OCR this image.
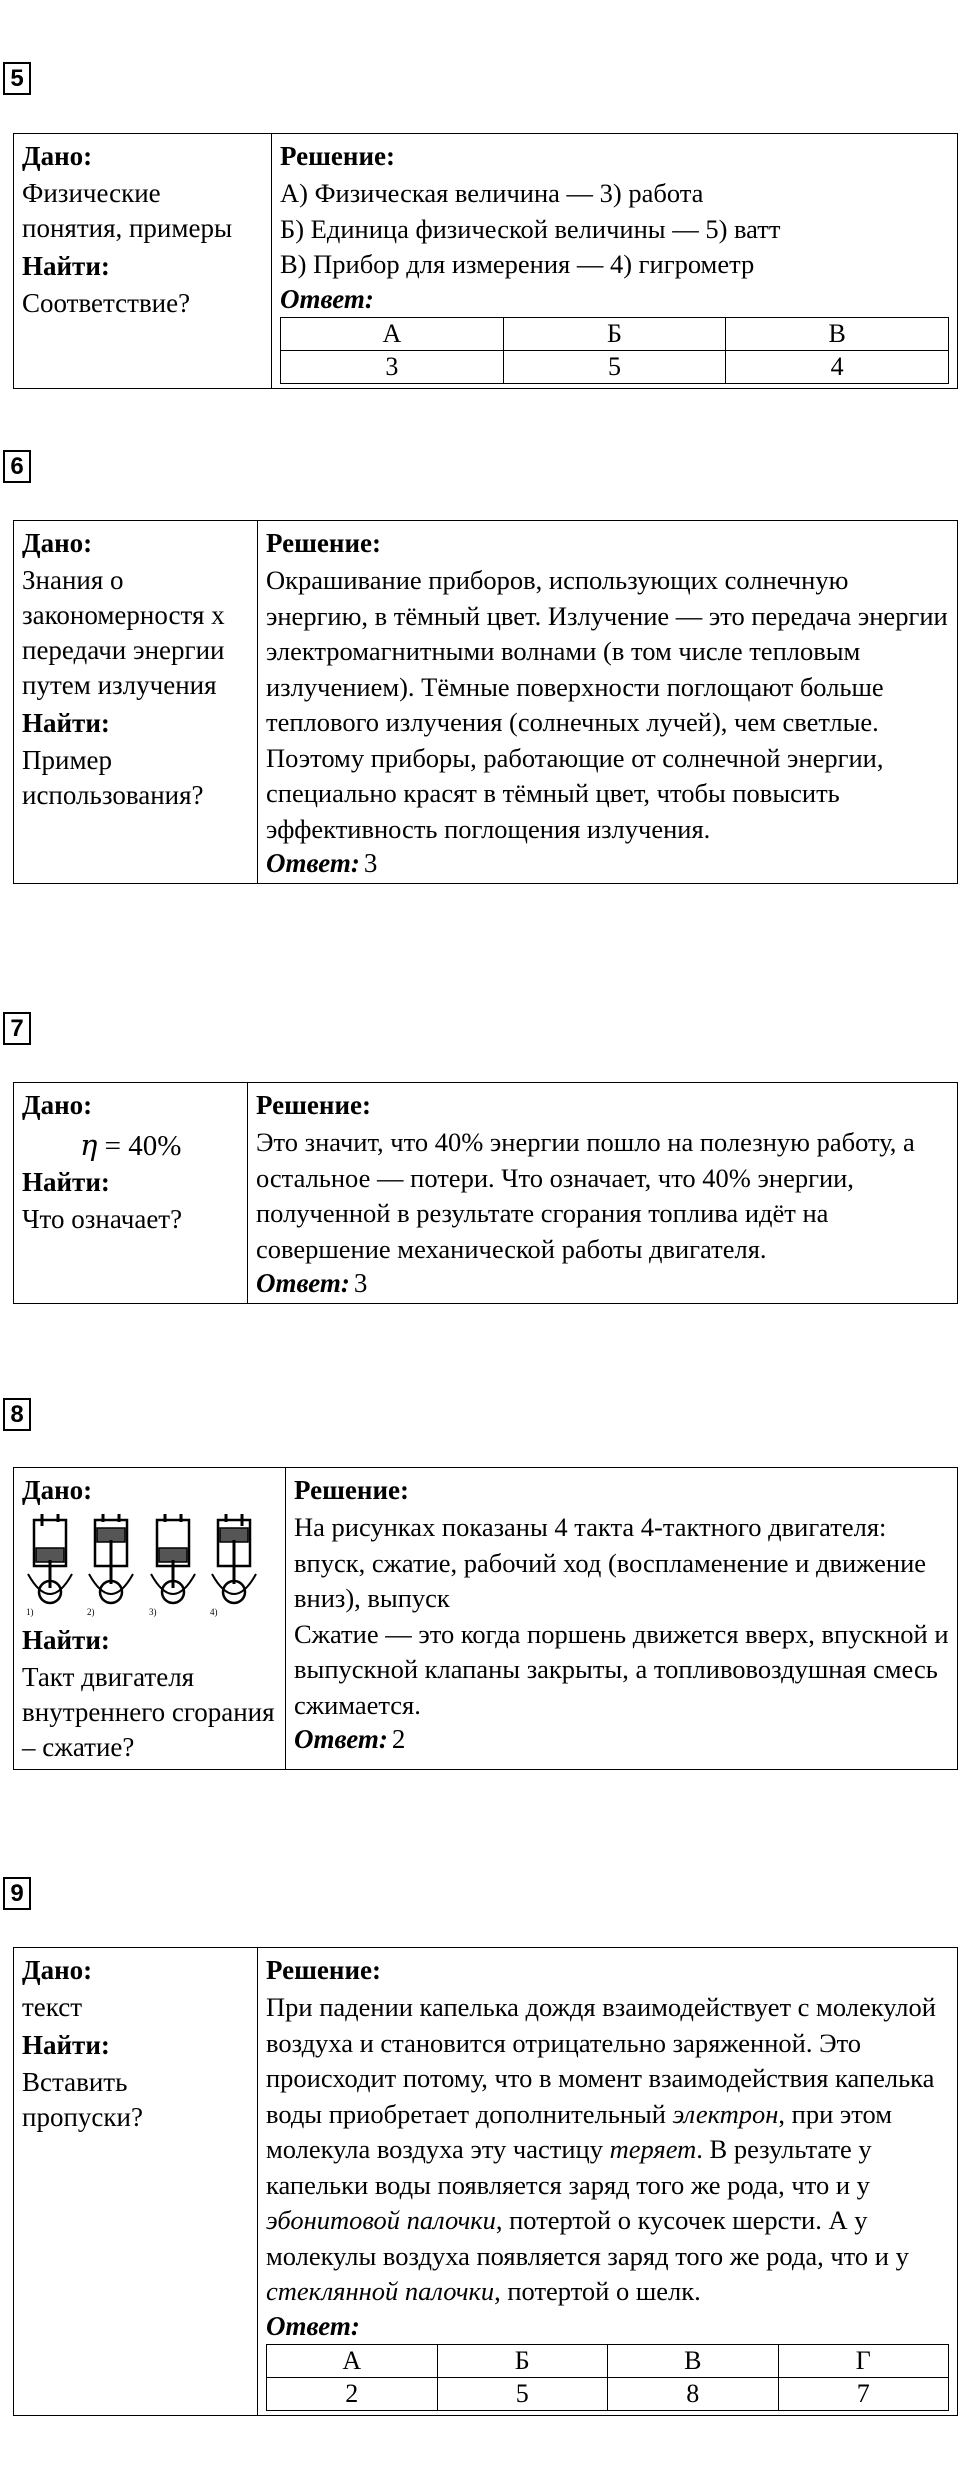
5
Дано:
Физические понятия, примеры
Найти:
Соответствие?

Решение:

А) Физическая величина — 3) работа

Б) Единица физической величины — 5) ватт

В) Прибор для измерения — 4) гигрометр

Ответ:
А	Б	В
3	5	4
6
Дано:
Знания о закономерностя х передачи энергии путем излучения
Найти:
Пример использования?

Решение:
Окрашивание приборов, использующих солнечную энергию, в тёмный цвет. Излучение — это передача энергии электромагнитными волнами (в том числе тепловым излучением). Тёмные поверхности поглощают больше теплового излучения (солнечных лучей), чем светлые. Поэтому приборы, работающие от солнечной энергии, специально красят в тёмный цвет, чтобы повысить эффективность поглощения излучения.
Ответ: 3
7
Дано:
η = 40%
Найти:
Что означает?

Решение:
Это значит, что 40% энергии пошло на полезную работу, а остальное — потери. Что означает, что 40% энергии, полученной в результате сгорания топлива идёт на совершение механической работы двигателя.
Ответ: 3
8
Дано:
1)	2)	3)	4)
Найти:
Такт двигателя внутреннего сгорания – сжатие?

Решение:

На рисунках показаны 4 такта 4-тактного двигателя: впуск, сжатие, рабочий ход (воспламенение и движение вниз), выпуск

Сжатие — это когда поршень движется вверх, впускной и выпускной клапаны закрыты, а топливовоздушная смесь сжимается.

Ответ: 2
9
Дано:
текст
Найти:
Вставить пропуски?

Решение:
При падении капелька дождя взаимодействует с молекулой воздуха и становится отрицательно заряженной. Это происходит потому, что в момент взаимодействия капелька воды приобретает дополнительный электрон, при этом молекула воздуха эту частицу теряет. В результате у капельки воды появляется заряд того же рода, что и у эбонитовой палочки, потертой о кусочек шерсти. А у молекулы воздуха появляется заряд того же рода, что и у стеклянной палочки, потертой о шелк.
Ответ:
А	Б	В	Г
2	5	8	7
